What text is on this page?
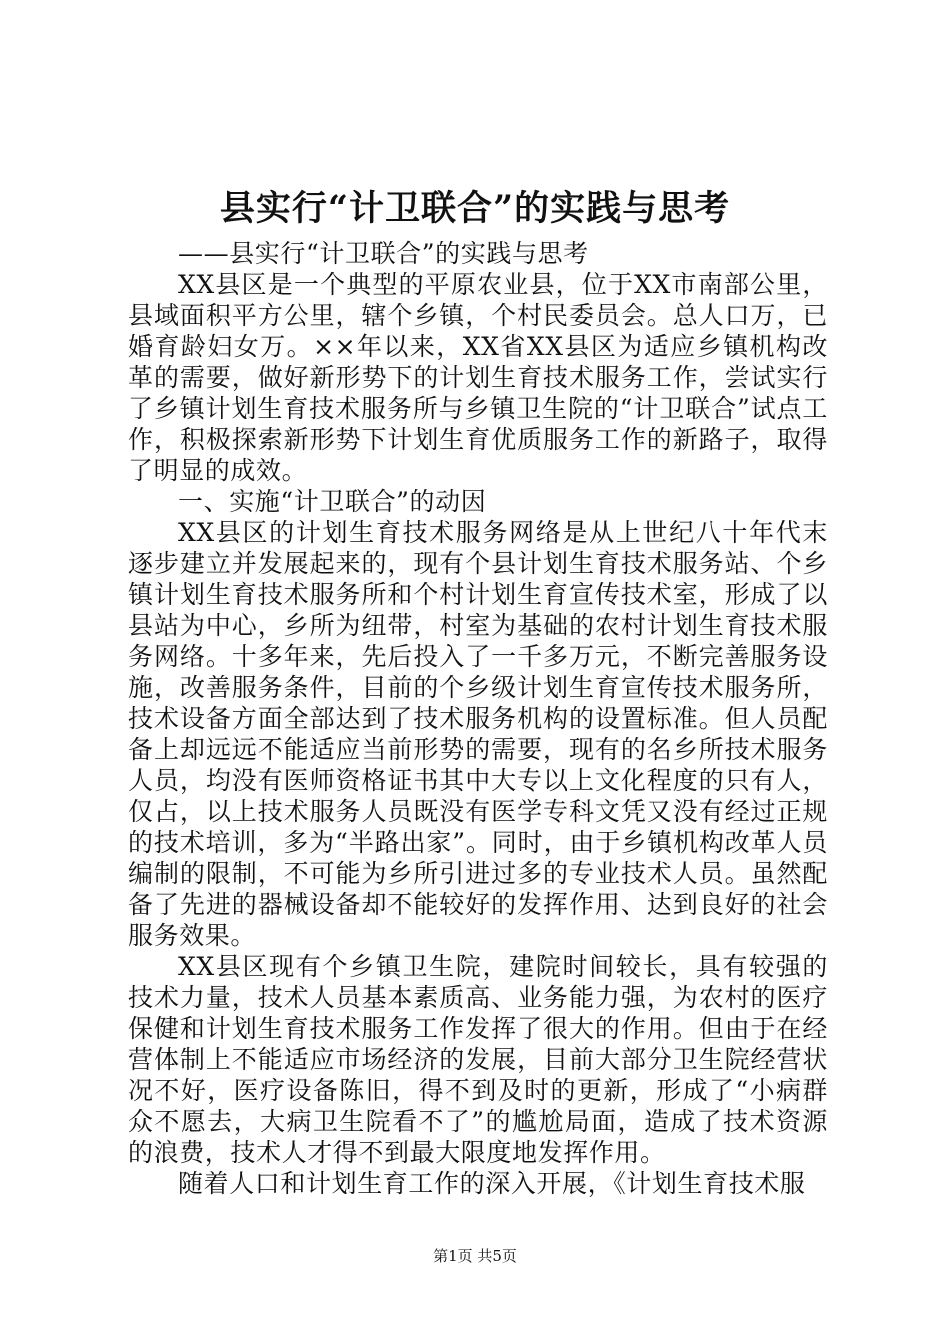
县实行“计卫联合”的实践与思考

——县实行“计卫联合”的实践与思考

XX县区是一个典型的平原农业县，位于XX市南部公里，县域面积平方公里，辖个乡镇，个村民委员会。总人口万，已婚育龄妇女万。××年以来，XX省XX县区为适应乡镇机构改革的需要，做好新形势下的计划生育技术服务工作，尝试实行了乡镇计划生育技术服务所与乡镇卫生院的“计卫联合”试点工作，积极探索新形势下计划生育优质服务工作的新路子，取得了明显的成效。

一、实施“计卫联合”的动因

XX县区的计划生育技术服务网络是从上世纪八十年代末逐步建立并发展起来的，现有个县计划生育技术服务站、个乡镇计划生育技术服务所和个村计划生育宣传技术室，形成了以县站为中心，乡所为纽带，村室为基础的农村计划生育技术服务网络。十多年来，先后投入了一千多万元，不断完善服务设施，改善服务条件，目前的个乡级计划生育宣传技术服务所，技术设备方面全部达到了技术服务机构的设置标准。但人员配备上却远远不能适应当前形势的需要，现有的名乡所技术服务人员，均没有医师资格证书其中大专以上文化程度的只有人，仅占，以上技术服务人员既没有医学专科文凭又没有经过正规的技术培训，多为“半路出家”。同时，由于乡镇机构改革人员编制的限制，不可能为乡所引进过多的专业技术人员。虽然配备了先进的器械设备却不能较好的发挥作用、达到良好的社会服务效果。

XX县区现有个乡镇卫生院，建院时间较长，具有较强的技术力量，技术人员基本素质高、业务能力强，为农村的医疗保健和计划生育技术服务工作发挥了很大的作用。但由于在经营体制上不能适应市场经济的发展，目前大部分卫生院经营状况不好，医疗设备陈旧，得不到及时的更新，形成了“小病群众不愿去，大病卫生院看不了”的尴尬局面，造成了技术资源的浪费，技术人才得不到最大限度地发挥作用。

随着人口和计划生育工作的深入开展，《计划生育技术服

第1页 共5页
